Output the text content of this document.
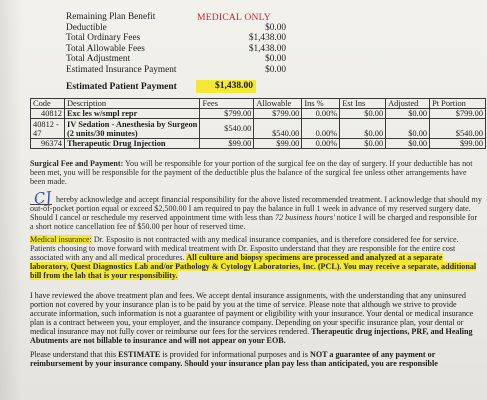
Remaining Plan Benefit
Deductible	$0.00
Total Ordinary Fees	$1,438.00
Total Allowable Fees	$1,438.00
Total Adjustment	$0.00
Estimated Insurance Payment	$0.00
MEDICAL ONLY
Estimated Patient Payment	$1,438.00
Code	Description	Fees	Allowable	Ins %	Est Ins	Adjusted	Pt Portion
40812	Exc les w/smpl repr	$799.00	$799.00	0.00%	$0.00	$0.00	$799.00
40812 - 47	IV Sedation - Anesthesia by Surgeon (2 units/30 minutes)	$540.00	$540.00	0.00%	$0.00	$0.00	$540.00
96374	Therapeutic Drug Injection	$99.00	$99.00	0.00%	$0.00	$0.00	$99.00
Surgical Fee and Payment: You will be responsible for your portion of the surgical fee on the day of surgery. If your deductible has not been met, you will be responsible for the payment of the deductible plus the balance of the surgical fee unless other arrangements have been made.
CJ hereby acknowledge and accept financial responsibility for the above listed recommended treatment. I acknowledge that should my out-of-pocket portion equal or exceed $2,500.00 I am required to pay the balance in full 1 week in advance of my reserved surgery date. Should I cancel or reschedule my reserved appointment time with less than 72 business hours' notice I will be charged and responsible for a short notice cancellation fee of $50.00 per hour of reserved time.
Medical insurance: Dr. Esposito is not contracted with any medical insurance companies, and is therefore considered fee for service. Patients choosing to move forward with medical treatment with Dr. Esposito understand that they are responsible for the entire cost associated with any and all medical procedures. All culture and biopsy specimens are processed and analyzed at a separate laboratory, Quest Diagnostics Lab and/or Pathology & Cytology Laboratories, Inc. (PCL). You may receive a separate, additional bill from the lab that is your responsibility.
I have reviewed the above treatment plan and fees. We accept dental insurance assignments, with the understanding that any uninsured portion not covered by your insurance plan is to be paid by you at the time of service. Please note that although we strive to provide accurate information, such information is not a guarantee of payment or eligibility with your insurance. Your dental or medical insurance plan is a contract between you, your employer, and the insurance company. Depending on your specific insurance plan, your dental or medical insurance may not fully cover or reimburse our fees for the services rendered. Therapeutic drug injections, PRF, and Healing Abutments are not billable to insurance and will not appear on your EOB.
Please understand that this ESTIMATE is provided for informational purposes and is NOT a guarantee of any payment or reimbursement by your insurance company. Should your insurance plan pay less than anticipated, you are responsible
